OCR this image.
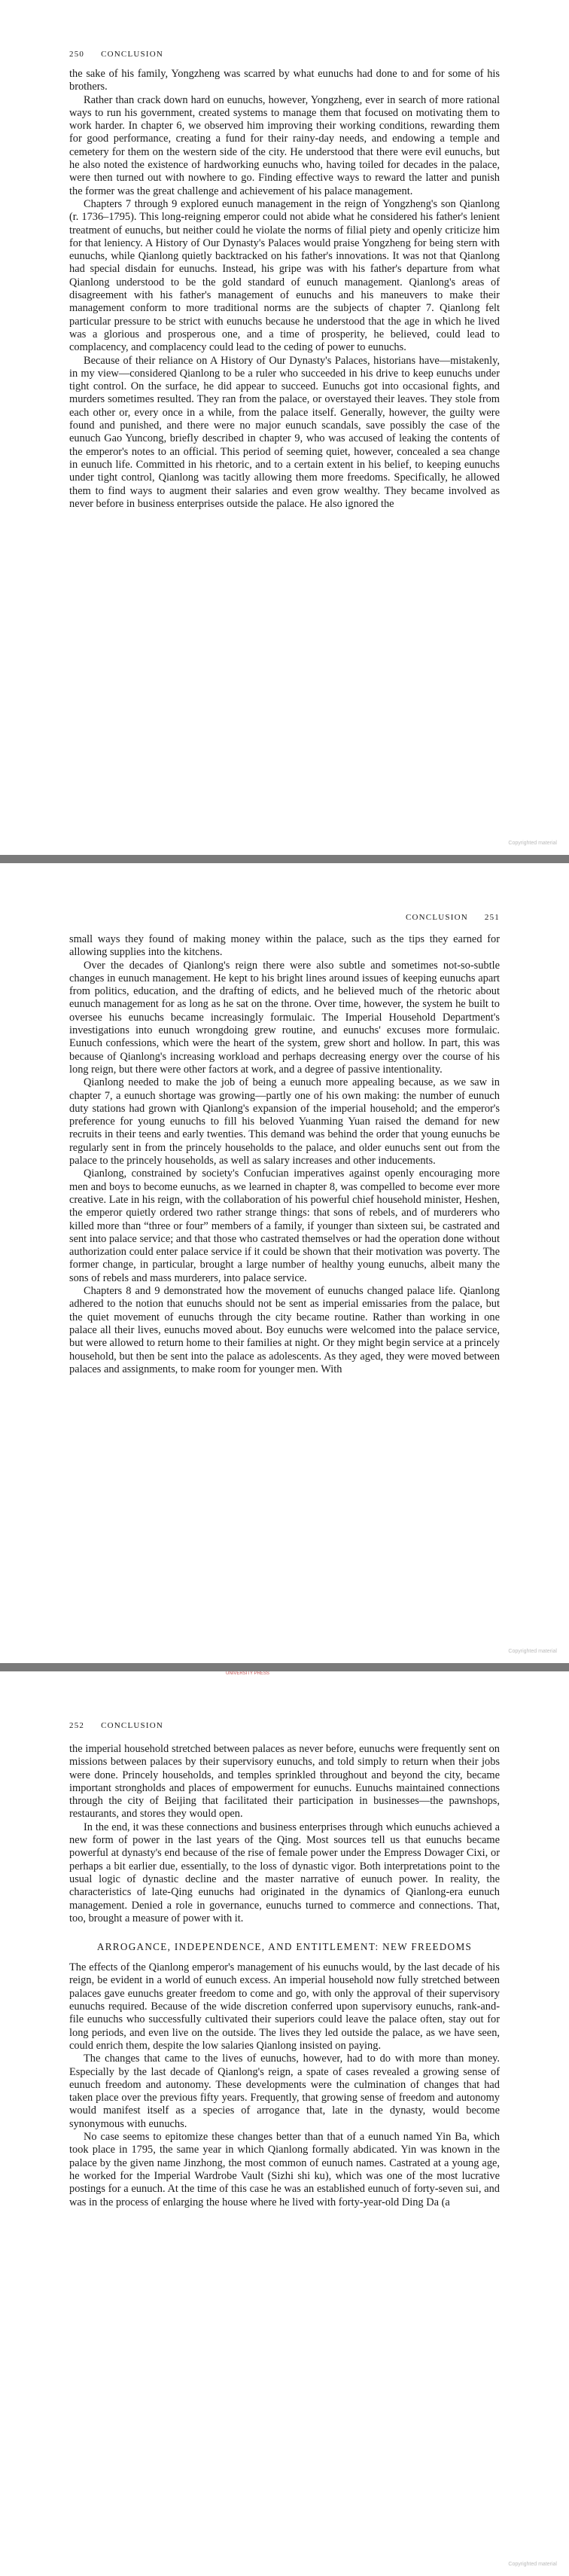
250 CONCLUSION

the sake of his family, Yongzheng was scarred by what eunuchs had done to and for some of his brothers.

Rather than crack down hard on eunuchs, however, Yongzheng, ever in search of more rational ways to run his government, created systems to manage them that focused on motivating them to work harder. In chapter 6, we observed him improving their working conditions, rewarding them for good performance, creating a fund for their rainy-day needs, and endowing a temple and cemetery for them on the western side of the city. He understood that there were evil eunuchs, but he also noted the existence of hardworking eunuchs who, having toiled for decades in the palace, were then turned out with nowhere to go. Finding effective ways to reward the latter and punish the former was the great challenge and achievement of his palace management.

Chapters 7 through 9 explored eunuch management in the reign of Yongzheng's son Qianlong (r. 1736–1795). This long-reigning emperor could not abide what he considered his father's lenient treatment of eunuchs, but neither could he violate the norms of filial piety and openly criticize him for that leniency. A History of Our Dynasty's Palaces would praise Yongzheng for being stern with eunuchs, while Qianlong quietly backtracked on his father's innovations. It was not that Qianlong had special disdain for eunuchs. Instead, his gripe was with his father's departure from what Qianlong understood to be the gold standard of eunuch management. Qianlong's areas of disagreement with his father's management of eunuchs and his maneuvers to make their management conform to more traditional norms are the subjects of chapter 7. Qianlong felt particular pressure to be strict with eunuchs because he understood that the age in which he lived was a glorious and prosperous one, and a time of prosperity, he believed, could lead to complacency, and complacency could lead to the ceding of power to eunuchs.

Because of their reliance on A History of Our Dynasty's Palaces, historians have—mistakenly, in my view—considered Qianlong to be a ruler who succeeded in his drive to keep eunuchs under tight control. On the surface, he did appear to succeed. Eunuchs got into occasional fights, and murders sometimes resulted. They ran from the palace, or overstayed their leaves. They stole from each other or, every once in a while, from the palace itself. Generally, however, the guilty were found and punished, and there were no major eunuch scandals, save possibly the case of the eunuch Gao Yuncong, briefly described in chapter 9, who was accused of leaking the contents of the emperor's notes to an official. This period of seeming quiet, however, concealed a sea change in eunuch life. Committed in his rhetoric, and to a certain extent in his belief, to keeping eunuchs under tight control, Qianlong was tacitly allowing them more freedoms. Specifically, he allowed them to find ways to augment their salaries and even grow wealthy. They became involved as never before in business enterprises outside the palace. He also ignored the

Copyrighted material
CONCLUSION 251

small ways they found of making money within the palace, such as the tips they earned for allowing supplies into the kitchens.

Over the decades of Qianlong's reign there were also subtle and sometimes not-so-subtle changes in eunuch management. He kept to his bright lines around issues of keeping eunuchs apart from politics, education, and the drafting of edicts, and he believed much of the rhetoric about eunuch management for as long as he sat on the throne. Over time, however, the system he built to oversee his eunuchs became increasingly formulaic. The Imperial Household Department's investigations into eunuch wrongdoing grew routine, and eunuchs' excuses more formulaic. Eunuch confessions, which were the heart of the system, grew short and hollow. In part, this was because of Qianlong's increasing workload and perhaps decreasing energy over the course of his long reign, but there were other factors at work, and a degree of passive intentionality.

Qianlong needed to make the job of being a eunuch more appealing because, as we saw in chapter 7, a eunuch shortage was growing—partly one of his own making: the number of eunuch duty stations had grown with Qianlong's expansion of the imperial household; and the emperor's preference for young eunuchs to fill his beloved Yuanming Yuan raised the demand for new recruits in their teens and early twenties. This demand was behind the order that young eunuchs be regularly sent in from the princely households to the palace, and older eunuchs sent out from the palace to the princely households, as well as salary increases and other inducements.

Qianlong, constrained by society's Confucian imperatives against openly encouraging more men and boys to become eunuchs, as we learned in chapter 8, was compelled to become ever more creative. Late in his reign, with the collaboration of his powerful chief household minister, Heshen, the emperor quietly ordered two rather strange things: that sons of rebels, and of murderers who killed more than “three or four” members of a family, if younger than sixteen sui, be castrated and sent into palace service; and that those who castrated themselves or had the operation done without authorization could enter palace service if it could be shown that their motivation was poverty. The former change, in particular, brought a large number of healthy young eunuchs, albeit many the sons of rebels and mass murderers, into palace service.

Chapters 8 and 9 demonstrated how the movement of eunuchs changed palace life. Qianlong adhered to the notion that eunuchs should not be sent as imperial emissaries from the palace, but the quiet movement of eunuchs through the city became routine. Rather than working in one palace all their lives, eunuchs moved about. Boy eunuchs were welcomed into the palace service, but were allowed to return home to their families at night. Or they might begin service at a princely household, but then be sent into the palace as adolescents. As they aged, they were moved between palaces and assignments, to make room for younger men. With

Copyrighted material
UNIVERSITY PRESS
252 CONCLUSION

the imperial household stretched between palaces as never before, eunuchs were frequently sent on missions between palaces by their supervisory eunuchs, and told simply to return when their jobs were done. Princely households, and temples sprinkled throughout and beyond the city, became important strongholds and places of empowerment for eunuchs. Eunuchs maintained connections through the city of Beijing that facilitated their participation in businesses—the pawnshops, restaurants, and stores they would open.

In the end, it was these connections and business enterprises through which eunuchs achieved a new form of power in the last years of the Qing. Most sources tell us that eunuchs became powerful at dynasty's end because of the rise of female power under the Empress Dowager Cixi, or perhaps a bit earlier due, essentially, to the loss of dynastic vigor. Both interpretations point to the usual logic of dynastic decline and the master narrative of eunuch power. In reality, the characteristics of late-Qing eunuchs had originated in the dynamics of Qianlong-era eunuch management. Denied a role in governance, eunuchs turned to commerce and connections. That, too, brought a measure of power with it.

ARROGANCE, INDEPENDENCE, AND ENTITLEMENT: NEW FREEDOMS

The effects of the Qianlong emperor's management of his eunuchs would, by the last decade of his reign, be evident in a world of eunuch excess. An imperial household now fully stretched between palaces gave eunuchs greater freedom to come and go, with only the approval of their supervisory eunuchs required. Because of the wide discretion conferred upon supervisory eunuchs, rank-and-file eunuchs who successfully cultivated their superiors could leave the palace often, stay out for long periods, and even live on the outside. The lives they led outside the palace, as we have seen, could enrich them, despite the low salaries Qianlong insisted on paying.

The changes that came to the lives of eunuchs, however, had to do with more than money. Especially by the last decade of Qianlong's reign, a spate of cases revealed a growing sense of eunuch freedom and autonomy. These developments were the culmination of changes that had taken place over the previous fifty years. Frequently, that growing sense of freedom and autonomy would manifest itself as a species of arrogance that, late in the dynasty, would become synonymous with eunuchs.

No case seems to epitomize these changes better than that of a eunuch named Yin Ba, which took place in 1795, the same year in which Qianlong formally abdicated. Yin was known in the palace by the given name Jinzhong, the most common of eunuch names. Castrated at a young age, he worked for the Imperial Wardrobe Vault (Sizhi shi ku), which was one of the most lucrative postings for a eunuch. At the time of this case he was an established eunuch of forty-seven sui, and was in the process of enlarging the house where he lived with forty-year-old Ding Da (a

Copyrighted material
